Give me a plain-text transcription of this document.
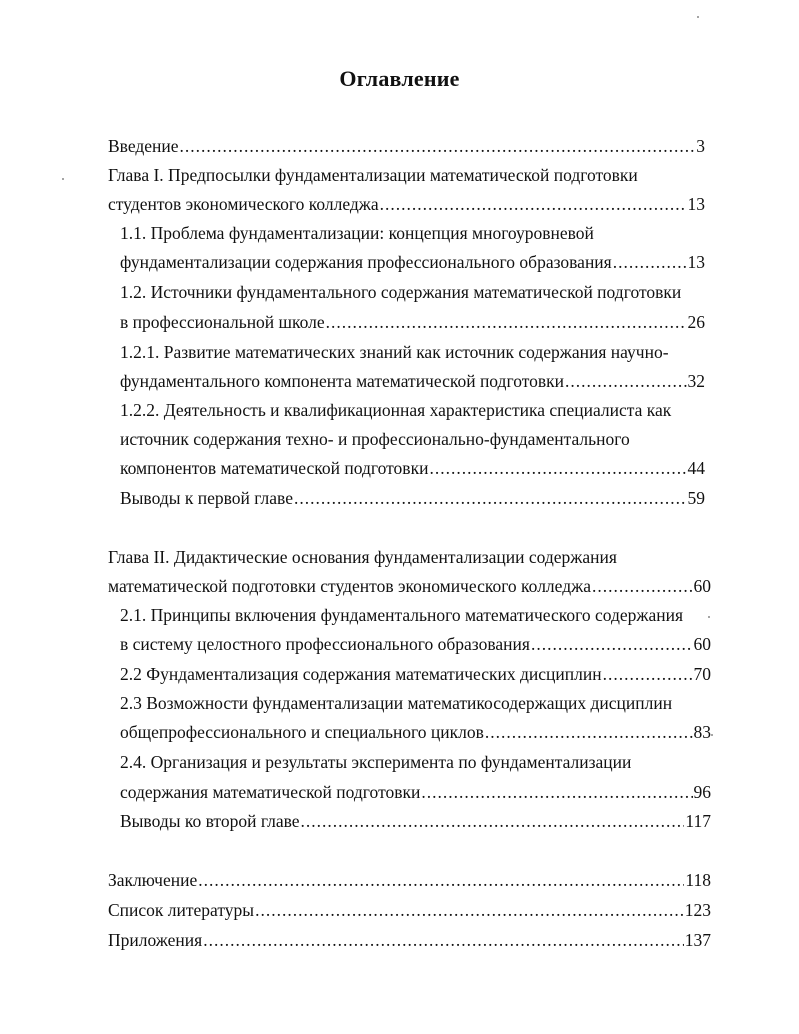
Оглавление
Введение .....	3
Глава I. Предпосылки фундаментализации математической подготовки
студентов экономического колледжа .....	13
1.1. Проблема фундаментализации: концепция многоуровневой
фундаментализации содержания профессионального образования .....	13
1.2. Источники фундаментального содержания математической подготовки
в профессиональной школе .....	26
1.2.1. Развитие математических знаний как источник содержания научно-
фундаментального компонента математической подготовки .....	32
1.2.2. Деятельность и квалификационная характеристика специалиста как
источник содержания техно- и профессионально-фундаментального
компонентов математической подготовки .....	44
Выводы к первой главе .....	59
Глава II. Дидактические основания фундаментализации содержания
математической подготовки студентов экономического колледжа .....	60
2.1. Принципы включения фундаментального математического содержания
в систему целостного профессионального образования .....	60
2.2 Фундаментализация содержания математических дисциплин .....	70
2.3 Возможности фундаментализации математикосодержащих дисциплин
общепрофессионального и специального циклов .....	83
2.4. Организация и результаты эксперимента по фундаментализации
содержания математической подготовки .....	96
Выводы ко второй главе .....	117
Заключение .....	118
Список литературы .....	123
Приложения .....	137
